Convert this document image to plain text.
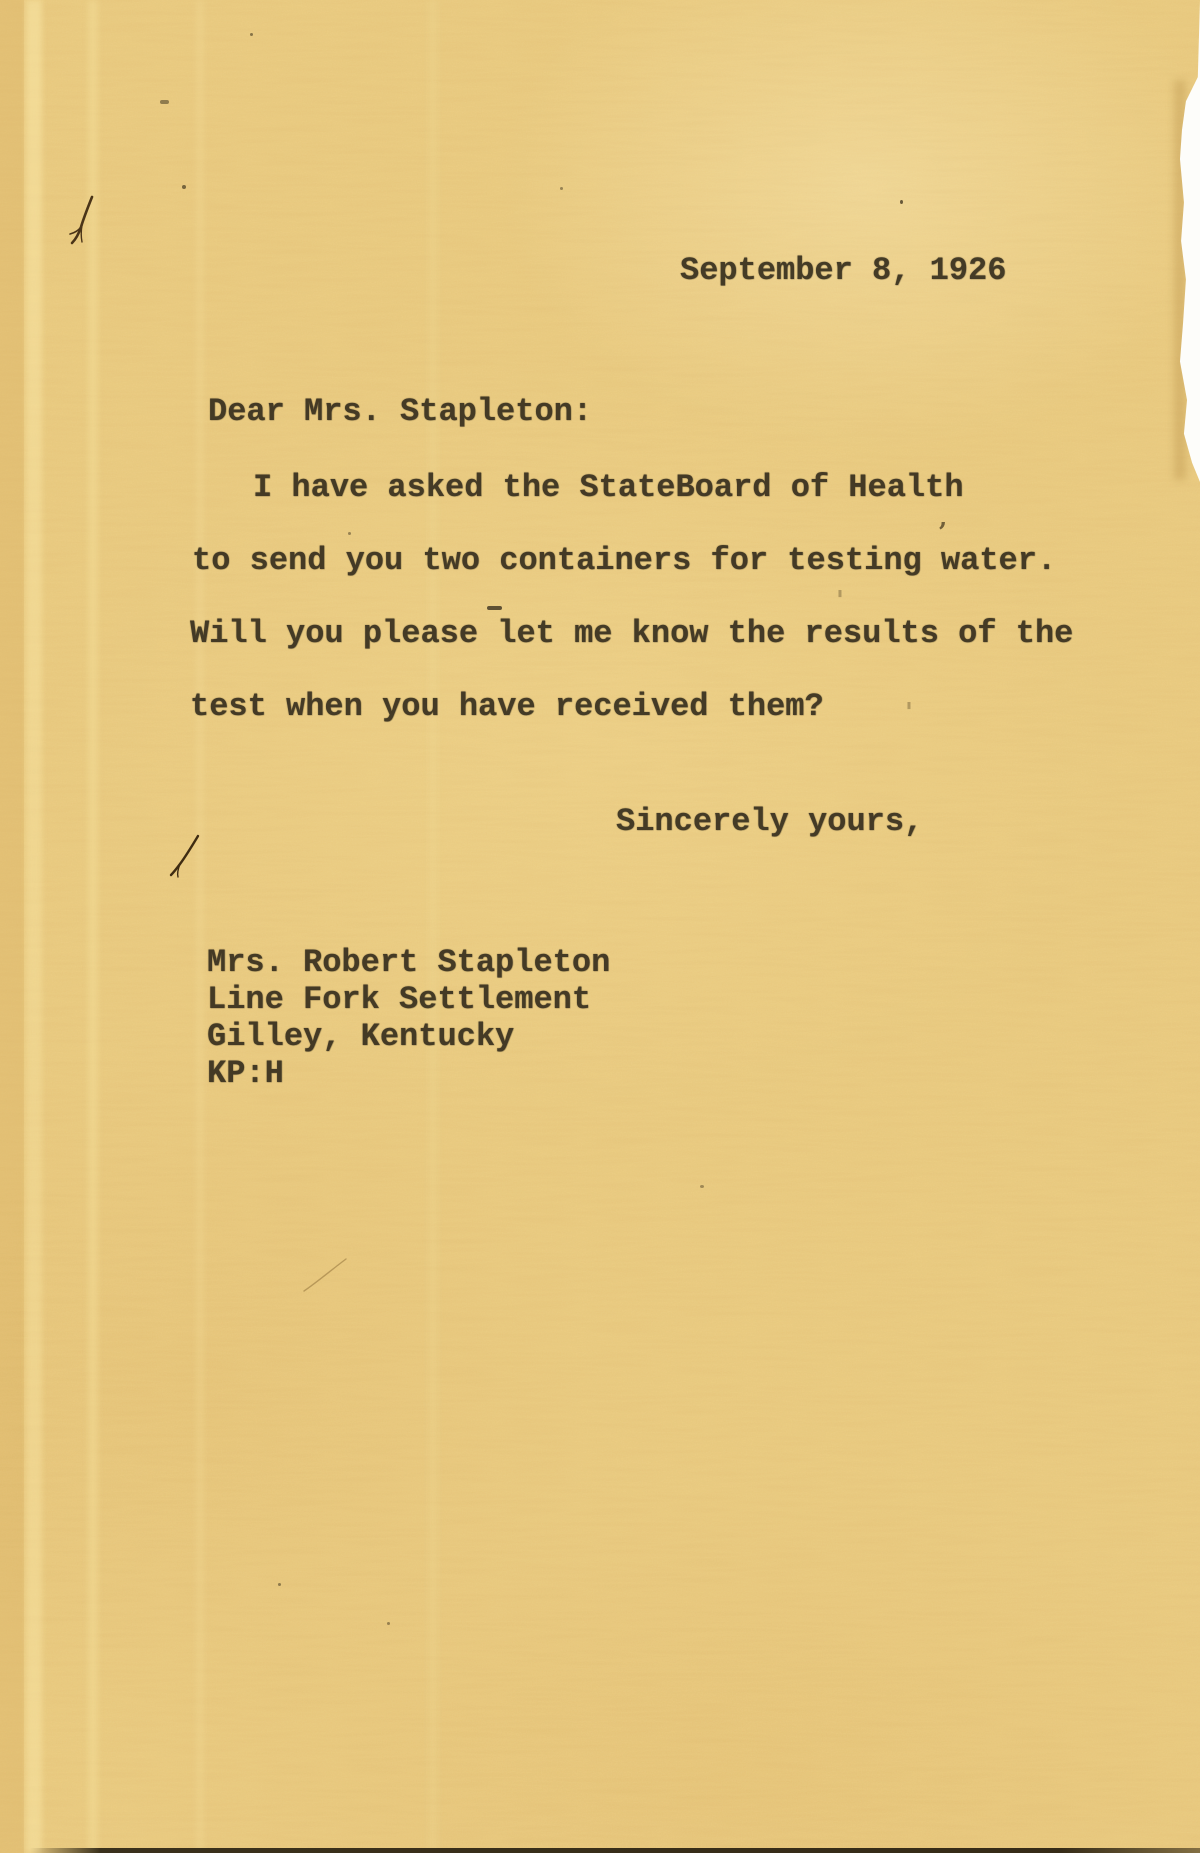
September 8, 1926
Dear Mrs. Stapleton:
I have asked the StateBoard of Health
to send you two containers for testing water.
Will you please let me know the results of the
test when you have received them?
Sincerely yours,
Mrs. Robert Stapleton
Line Fork Settlement
Gilley, Kentucky
KP:H
’
'
'
